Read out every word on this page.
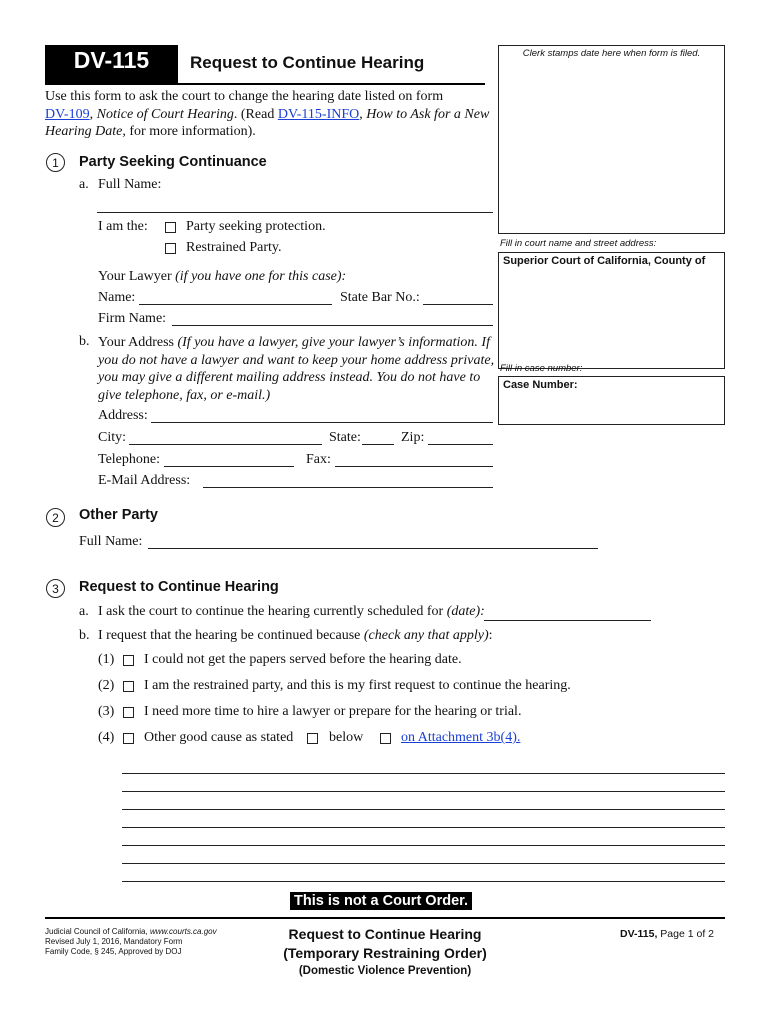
DV-115	Request to Continue Hearing	Clerk stamps date here when form is filed.
Fill in court name and street address:
Superior Court of California, County of
Fill in case number:
Case Number:
Use this form to ask the court to change the hearing date listed on form
DV-109, Notice of Court Hearing. (Read DV-115-INFO, How to Ask for a New
Hearing Date, for more information).
1	Party Seeking Continuance
a. Full Name:
I am the:	Party seeking protection.
Restrained Party.
Your Lawyer (if you have one for this case):
Name:	State Bar No.:
Firm Name:
b. Your Address (If you have a lawyer, give your lawyer’s information. If
you do not have a lawyer and want to keep your home address private,
you may give a different mailing address instead. You do not have to
give telephone, fax, or e-mail.)
Address:
City:	State:	Zip:
Telephone:	Fax:
E-Mail Address:
2	Other Party
Full Name:
3	Request to Continue Hearing
a. I ask the court to continue the hearing currently scheduled for (date):
b. I request that the hearing be continued because (check any that apply):
(1) I could not get the papers served before the hearing date.
(2) I am the restrained party, and this is my first request to continue the hearing.
(3) I need more time to hire a lawyer or prepare for the hearing or trial.
(4) Other good cause as stated	below	on Attachment 3b(4).
This is not a Court Order.
Judicial Council of California, www.courts.ca.gov
Revised July 1, 2016, Mandatory Form
Family Code, § 245, Approved by DOJ
Request to Continue Hearing
(Temporary Restraining Order)
(Domestic Violence Prevention)
DV-115, Page 1 of 2
